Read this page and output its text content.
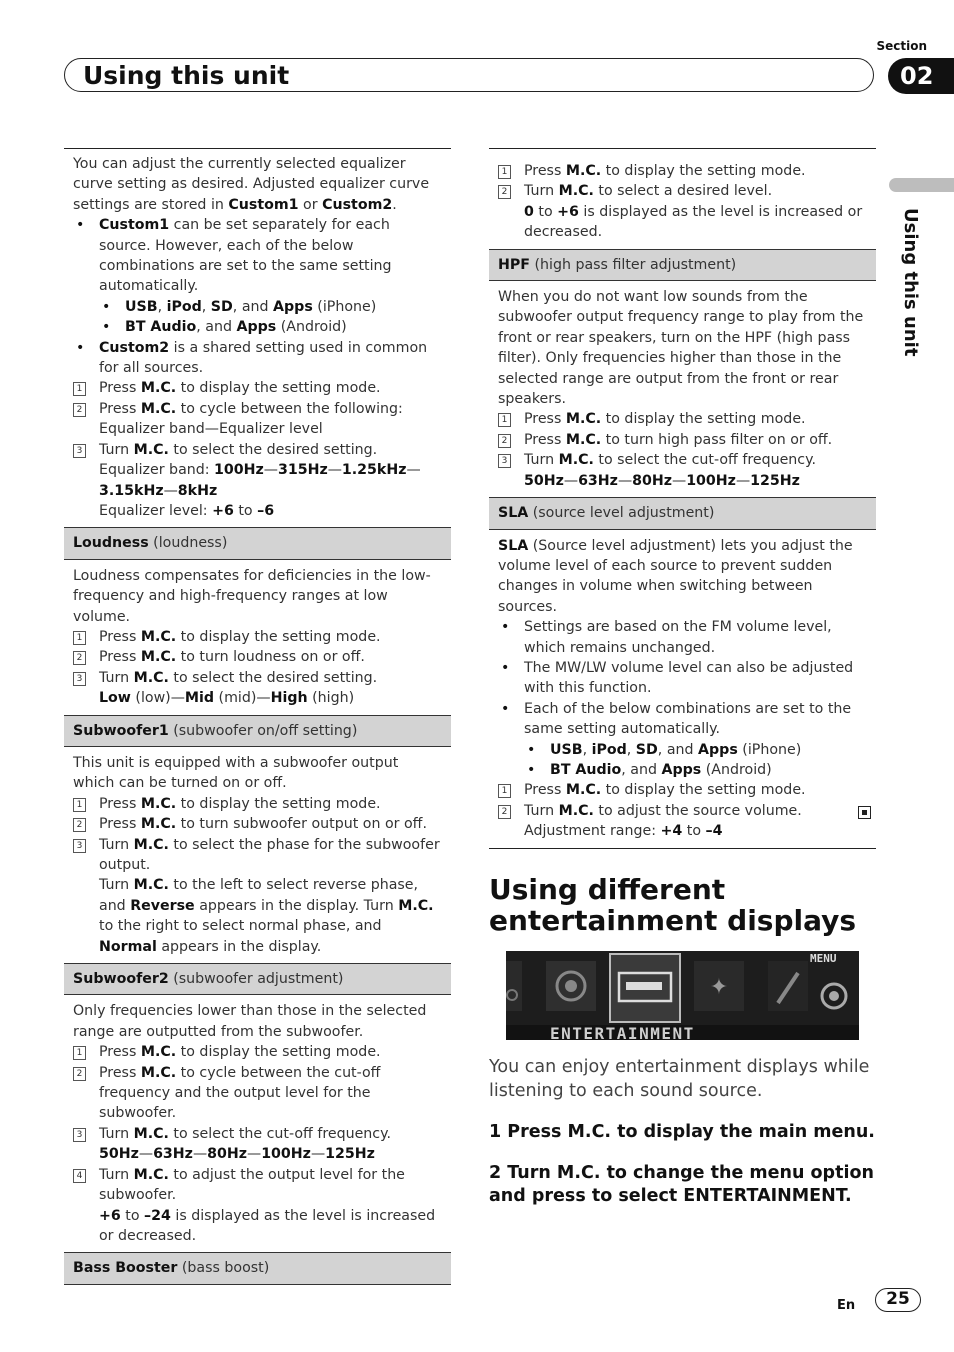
Using this unit
Section
02
Using this unit

You can adjust the currently selected equalizer curve setting as desired. Adjusted equalizer curve settings are stored in Custom1 or Custom2.

• Custom1 can be set separately for each source. However, each of the below combinations are set to the same setting automatically.

• USB, iPod, SD, and Apps (iPhone)

• BT Audio, and Apps (Android)

• Custom2 is a shared setting used in common for all sources.

1 Press M.C. to display the setting mode.

2 Press M.C. to cycle between the following:

Equalizer band—Equalizer level

3 Turn M.C. to select the desired setting.

Equalizer band: 100Hz—315Hz—1.25kHz—3.15kHz—8kHz

Equalizer level: +6 to –6

Loudness (loudness)

Loudness compensates for deficiencies in the low-frequency and high-frequency ranges at low volume.

1 Press M.C. to display the setting mode.

2 Press M.C. to turn loudness on or off.

3 Turn M.C. to select the desired setting.

Low (low)—Mid (mid)—High (high)

Subwoofer1 (subwoofer on/off setting)

This unit is equipped with a subwoofer output which can be turned on or off.

1 Press M.C. to display the setting mode.

2 Press M.C. to turn subwoofer output on or off.

3 Turn M.C. to select the phase for the subwoofer output.

Turn M.C. to the left to select reverse phase, and Reverse appears in the display. Turn M.C. to the right to select normal phase, and Normal appears in the display.

Subwoofer2 (subwoofer adjustment)

Only frequencies lower than those in the selected range are outputted from the subwoofer.

1 Press M.C. to display the setting mode.

2 Press M.C. to cycle between the cut-off frequency and the output level for the subwoofer.

3 Turn M.C. to select the cut-off frequency.

50Hz—63Hz—80Hz—100Hz—125Hz

4 Turn M.C. to adjust the output level for the subwoofer.

+6 to –24 is displayed as the level is increased or decreased.

Bass Booster (bass boost)

1 Press M.C. to display the setting mode.

2 Turn M.C. to select a desired level.

0 to +6 is displayed as the level is increased or decreased.

HPF (high pass filter adjustment)

When you do not want low sounds from the subwoofer output frequency range to play from the front or rear speakers, turn on the HPF (high pass filter). Only frequencies higher than those in the selected range are output from the front or rear speakers.

1 Press M.C. to display the setting mode.

2 Press M.C. to turn high pass filter on or off.

3 Turn M.C. to select the cut-off frequency.

50Hz—63Hz—80Hz—100Hz—125Hz

SLA (source level adjustment)

SLA (Source level adjustment) lets you adjust the volume level of each source to prevent sudden changes in volume when switching between sources.

• Settings are based on the FM volume level, which remains unchanged.

• The MW/LW volume level can also be adjusted with this function.

• Each of the below combinations are set to the same setting automatically.

• USB, iPod, SD, and Apps (iPhone)

• BT Audio, and Apps (Android)

1 Press M.C. to display the setting mode.

2 Turn M.C. to adjust the source volume.

Adjustment range: +4 to –4

Using different entertainment displays
✦
MENU
ENTERTAINMENT
You can enjoy entertainment displays while listening to each sound source.
1 Press M.C. to display the main menu.
2 Turn M.C. to change the menu option and press to select ENTERTAINMENT.
En	25
